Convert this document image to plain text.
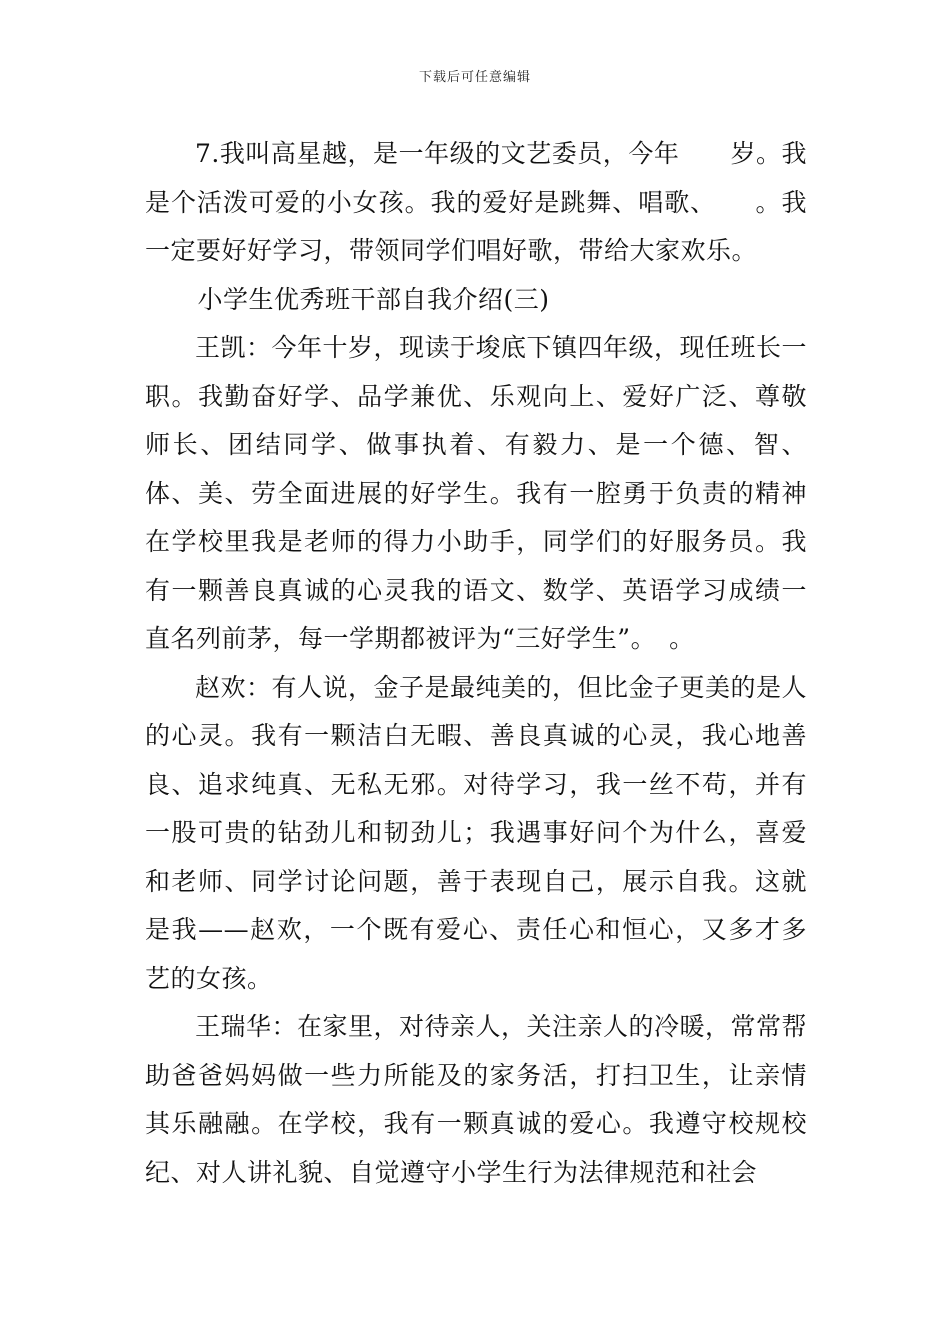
下载后可任意编辑

7.我叫高星越，是一年级的文艺委员，今年　　岁。我是个活泼可爱的小女孩。我的爱好是跳舞、唱歌、　　。我一定要好好学习，带领同学们唱好歌，带给大家欢乐。

小学生优秀班干部自我介绍(三)

王凯：今年十岁，现读于埈底下镇四年级，现任班长一职。我勤奋好学、品学兼优、乐观向上、爱好广泛、尊敬师长、团结同学、做事执着、有毅力、是一个德、智、体、美、劳全面进展的好学生。我有一腔勇于负责的精神在学校里我是老师的得力小助手，同学们的好服务员。我有一颗善良真诚的心灵我的语文、数学、英语学习成绩一直名列前茅，每一学期都被评为“三好学生”。　。

赵欢：有人说，金子是最纯美的，但比金子更美的是人的心灵。我有一颗洁白无暇、善良真诚的心灵，我心地善良、追求纯真、无私无邪。对待学习，我一丝不苟，并有一股可贵的钻劲儿和韧劲儿；我遇事好问个为什么，喜爱和老师、同学讨论问题，善于表现自己，展示自我。这就是我——赵欢，一个既有爱心、责任心和恒心，又多才多艺的女孩。

王瑞华：在家里，对待亲人，关注亲人的冷暖，常常帮助爸爸妈妈做一些力所能及的家务活，打扫卫生，让亲情其乐融融。在学校，我有一颗真诚的爱心。我遵守校规校纪、对人讲礼貌、自觉遵守小学生行为法律规范和社会
